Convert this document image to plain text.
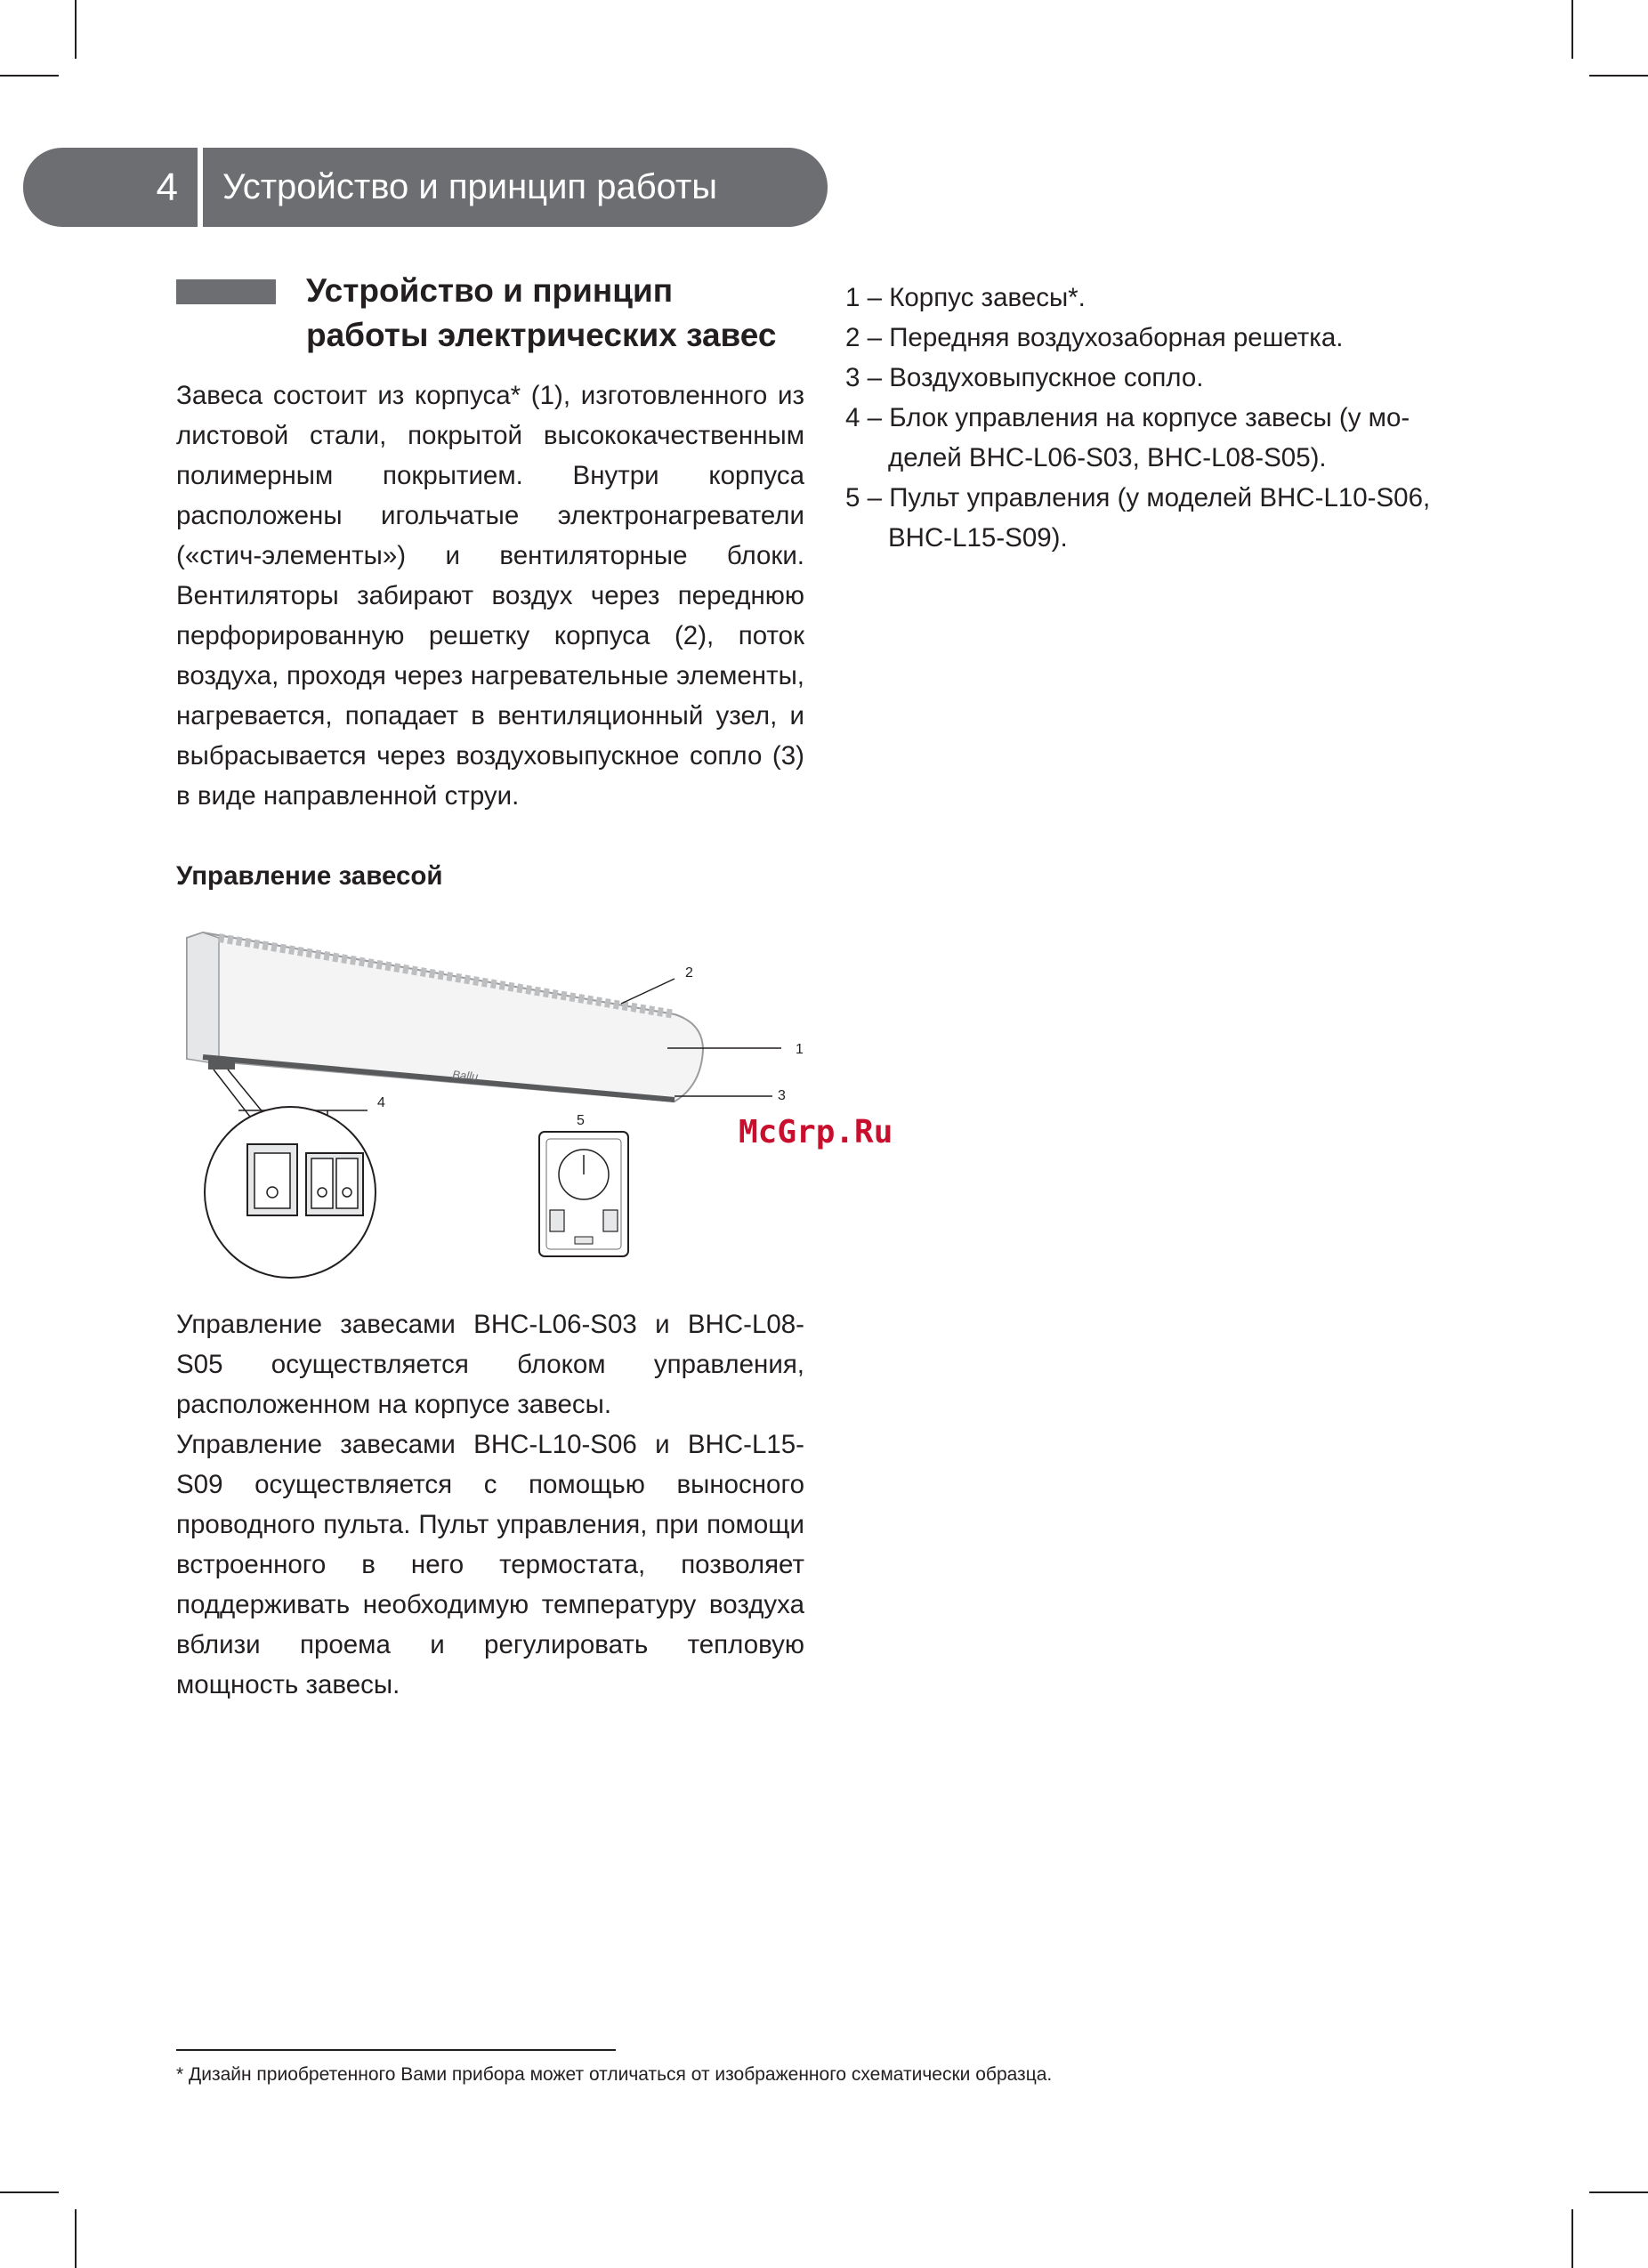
4	Устройство и принцип работы
Устройство и принцип
работы электрических завес

Завеса состоит из корпуса* (1), изготовленного из листовой стали, покрытой высококачественным полимерным покрытием. Внутри корпуса расположены игольчатые электронагреватели («стич-элементы») и вентиляторные блоки. Вентиляторы забирают воздух через переднюю перфорированную решетку корпуса (2), поток воздуха, проходя через нагревательные элементы, нагревается, попадает в вентиляционный узел, и выбрасывается через воздуховыпускное сопло (3) в виде направленной струи.

1 – Корпус завесы*.
2 – Передняя воздухозаборная решетка.
3 – Воздуховыпускное сопло.
4 – Блок управления на корпусе завесы (у мо-
делей BHC-L06-S03, BHC-L08-S05).
5 – Пульт управления (у моделей BHC-L10-S06,
BHC-L15-S09).
Управление завесой
Ballu
2
1
3
4
5	McGrp.Ru

Управление завесами BHC-L06-S03 и BHC-L08-S05 осуществляется блоком управления, расположенном на корпусе завесы.

Управление завесами BHC-L10-S06 и BHC-L15-S09 осуществляется с помощью выносного проводного пульта. Пульт управления, при помощи встроенного в него термостата, позволяет поддерживать необходимую температуру воздуха вблизи проема и регулировать тепловую мощность завесы.

* Дизайн приобретенного Вами прибора может отличаться от изображенного схематически образца.
